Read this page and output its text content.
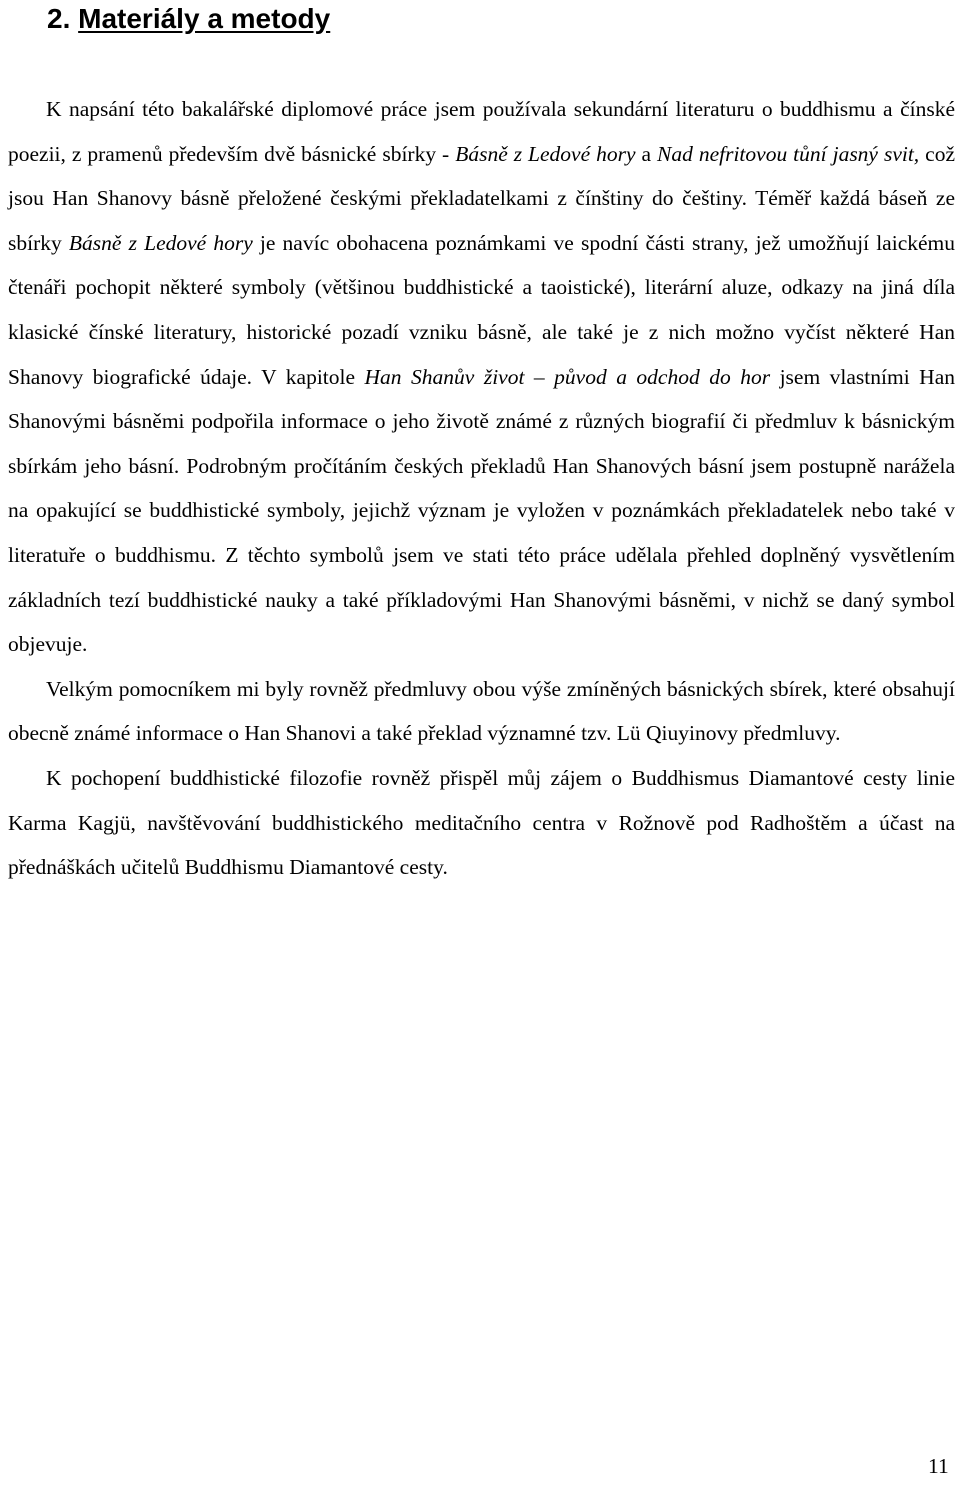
2. Materiály a metody

K napsání této bakalářské diplomové práce jsem používala sekundární literaturu o buddhismu a čínské poezii, z pramenů především dvě básnické sbírky - Básně z Ledové hory a Nad nefritovou tůní jasný svit, což jsou Han Shanovy básně přeložené českými překladatelkami z čínštiny do češtiny. Téměř každá báseň ze sbírky Básně z Ledové hory je navíc obohacena poznámkami ve spodní části strany, jež umožňují laickému čtenáři pochopit některé symboly (většinou buddhistické a taoistické), literární aluze, odkazy na jiná díla klasické čínské literatury, historické pozadí vzniku básně, ale také je z nich možno vyčíst některé Han Shanovy biografické údaje. V kapitole Han Shanův život – původ a odchod do hor jsem vlastními Han Shanovými básněmi podpořila informace o jeho životě známé z různých biografií či předmluv k básnickým sbírkám jeho básní. Podrobným pročítáním českých překladů Han Shanových básní jsem postupně narážela na opakující se buddhistické symboly, jejichž význam je vyložen v poznámkách překladatelek nebo také v literatuře o buddhismu. Z těchto symbolů jsem ve stati této práce udělala přehled doplněný vysvětlením základních tezí buddhistické nauky a také příkladovými Han Shanovými básněmi, v nichž se daný symbol objevuje.

Velkým pomocníkem mi byly rovněž předmluvy obou výše zmíněných básnických sbírek, které obsahují obecně známé informace o Han Shanovi a také překlad významné tzv. Lü Qiuyinovy předmluvy.

K pochopení buddhistické filozofie rovněž přispěl můj zájem o Buddhismus Diamantové cesty linie Karma Kagjü, navštěvování buddhistického meditačního centra v Rožnově pod Radhoštěm a účast na přednáškách učitelů Buddhismu Diamantové cesty.

11
